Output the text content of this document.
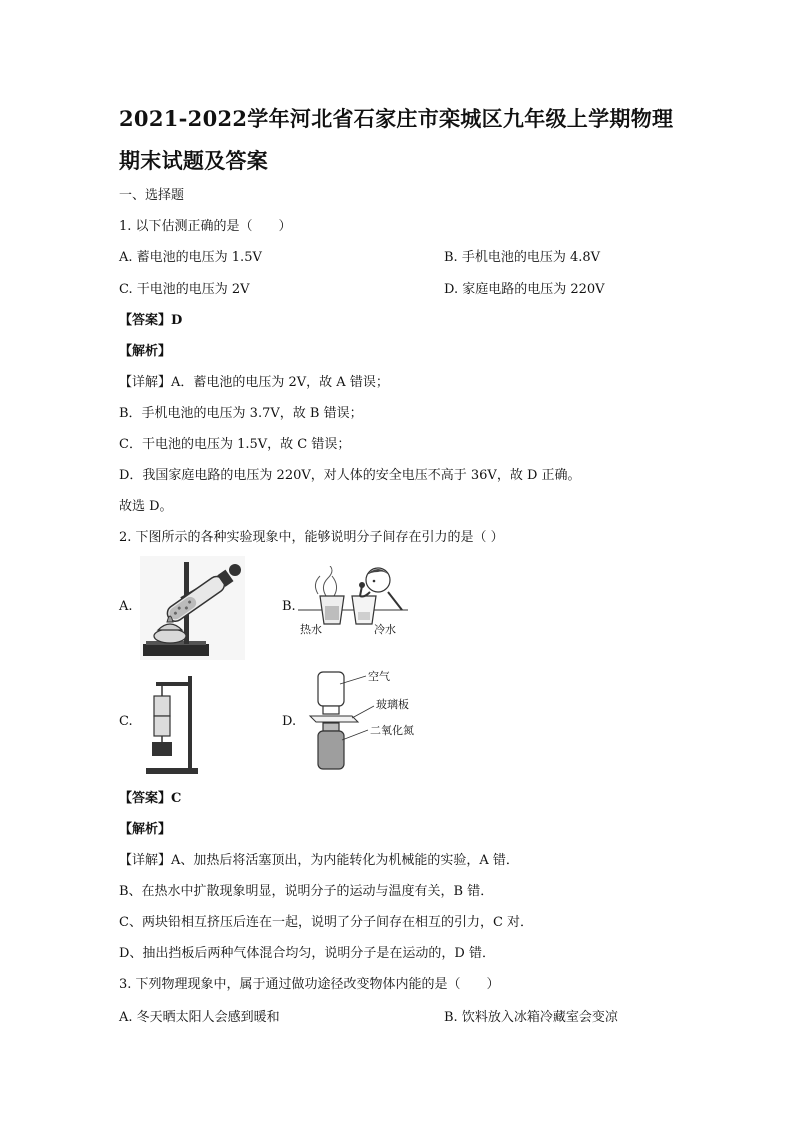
2021-2022学年河北省石家庄市栾城区九年级上学期物理期末试题及答案
一、选择题
1. 以下估测正确的是（　　）
A. 蓄电池的电压为 1.5V	B. 手机电池的电压为 4.8V
C. 干电池的电压为 2V	D. 家庭电路的电压为 220V
【答案】D
【解析】
【详解】A．蓄电池的电压为 2V，故 A 错误；
B．手机电池的电压为 3.7V，故 B 错误；
C．干电池的电压为 1.5V，故 C 错误；
D．我国家庭电路的电压为 220V，对人体的安全电压不高于 36V，故 D 正确。
故选 D。
2. 下图所示的各种实验现象中，能够说明分子间存在引力的是（ ）
A.	B.
C.	D.
热水	冷水
空气
玻璃板
二氧化氮
【答案】C
【解析】
【详解】A、加热后将活塞顶出，为内能转化为机械能的实验，A 错．
B、在热水中扩散现象明显，说明分子的运动与温度有关，B 错．
C、两块铅相互挤压后连在一起，说明了分子间存在相互的引力，C 对．
D、抽出挡板后两种气体混合均匀，说明分子是在运动的，D 错．
3. 下列物理现象中，属于通过做功途径改变物体内能的是（　　）
A. 冬天晒太阳人会感到暖和	B. 饮料放入冰箱冷藏室会变凉
